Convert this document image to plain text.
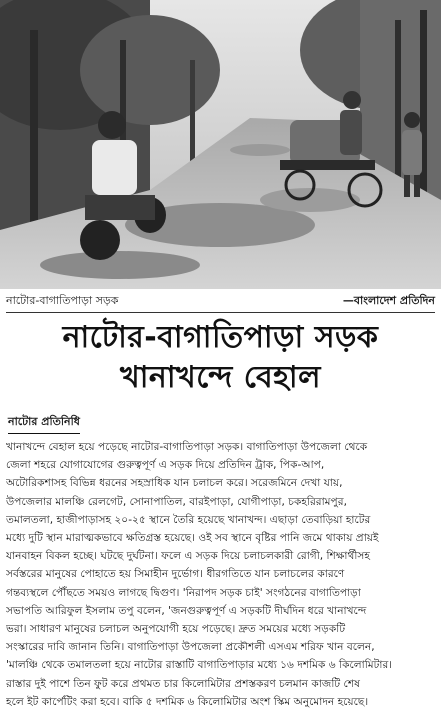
নাটোর-বাগাতিপাড়া সড়ক	—বাংলাদেশ প্রতিদিন
নাটোর-বাগাতিপাড়া সড়ক
খানাখন্দে বেহাল
নাটোর প্রতিনিধি
খানাখন্দে বেহাল হয়ে পড়েছে নাটোর-বাগাতিপাড়া সড়ক। বাগাতিপাড়া উপজেলা থেকে
জেলা শহরে যোগাযোগের গুরুত্বপূর্ণ এ সড়ক দিয়ে প্রতিদিন ট্রাক, পিক-আপ,
অটোরিকশাসহ বিভিন্ন ধরনের সহস্রাধিক যান চলাচল করে। সরেজমিনে দেখা যায়,
উপজেলার মালঞ্চি রেলগেট, সোনাপাতিল, বারইপাড়া, যোগীপাড়া, চকহরিরামপুর,
তমালতলা, হাজীপাড়াসহ ২০-২৫ স্থানে তৈরি হয়েছে খানাখন্দ। এছাড়া তেবাড়িয়া হাটের
মধ্যে দুটি স্থান মারাত্মকভাবে ক্ষতিগ্রস্ত হয়েছে। ওই সব স্থানে বৃষ্টির পানি জমে থাকায় প্রায়ই
যানবাহন বিকল হচ্ছে। ঘটছে দুর্ঘটনা। ফলে এ সড়ক দিয়ে চলাচলকারী রোগী, শিক্ষার্থীসহ
সর্বস্তরের মানুষের পোহাতে হয় সিমাহীন দুর্ভোগ। ধীরগতিতে যান চলাচলের কারণে
গন্তব্যস্থলে পৌঁছতে সময়ও লাগছে দ্বিগুণ। 'নিরাপদ সড়ক চাই' সংগঠনের বাগাতিপাড়া
সভাপতি আরিফুল ইসলাম তপু বলেন, 'জনগুরুত্বপূর্ণ এ সড়কটি দীর্ঘদিন ধরে খানাখন্দে
ভরা। সাধারণ মানুষের চলাচল অনুপযোগী হয়ে পড়েছে। দ্রুত সময়ের মধ্যে সড়কটি
সংস্কারের দাবি জানান তিনি। বাগাতিপাড়া উপজেলা প্রকৌশলী এসএম শরিফ খান বলেন,
'মালঞ্চি থেকে তমালতলা হয়ে নাটোর রাস্তাটি বাগাতিপাড়ার মধ্যে ১৬ দশমিক ৬ কিলোমিটার।
রাস্তার দুই পাশে তিন ফুট করে প্রথমত চার কিলোমিটার প্রশস্তকরণ চলমান কাজটি শেষ
হলে ইট কার্পেটিং করা হবে। বাকি ৫ দশমিক ৬ কিলোমিটার অংশ স্কিম অনুমোদন হয়েছে।
